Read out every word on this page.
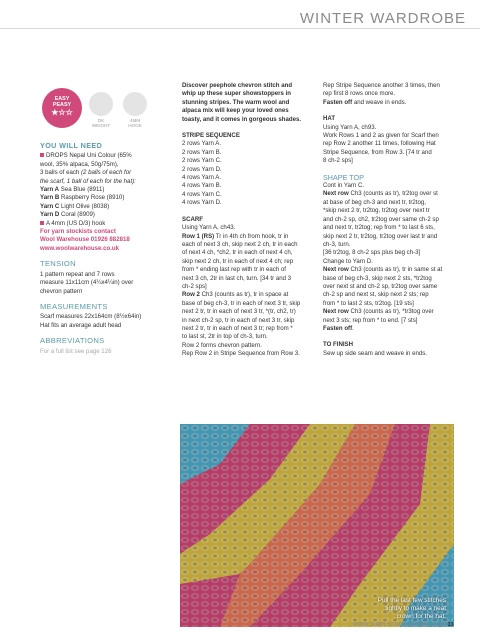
WINTER WARDROBE
EASY
PEASY
★☆☆
DK
WEIGHT
4MM
HOOK

YOU WILL NEED

DROPS Nepal Uni Colour (65%

wool, 35% alpaca, 50g/75m),

3 balls of each (2 balls of each for

the scarf, 1 ball of each for the hat):

Yarn A Sea Blue (8911)

Yarn B Raspberry Rose (8910)

Yarn C Light Olive (8038)

Yarn D Coral (8909)

A 4mm (US D/3) hook

For yarn stockists contact

Wool Warehouse 01926 882818

www.woolwarehouse.co.uk

TENSION

1 pattern repeat and 7 rows

measure 11x11cm (4¼x4¼in) over

chevron pattern

MEASUREMENTS

Scarf measures 22x164cm (8½x64in)

Hat fits an average adult head

ABBREVIATIONS

For a full list see page 126

Discover peephole chevron stitch and

whip up these super showstoppers in

stunning stripes. The warm wool and

alpaca mix will keep your loved ones

toasty, and it comes in gorgeous shades.

STRIPE SEQUENCE

2 rows Yarn A.

2 rows Yarn B.

2 rows Yarn C.

2 rows Yarn D.

4 rows Yarn A.

4 rows Yarn B.

4 rows Yarn C.

4 rows Yarn D.

SCARF

Using Yarn A, ch43.

Row 1 (RS) Tr in 4th ch from hook, tr in

each of next 3 ch, skip next 2 ch, tr in each

of next 4 ch, *ch2, tr in each of next 4 ch,

skip next 2 ch, tr in each of next 4 ch; rep

from * ending last rep with tr in each of

next 3 ch, 2tr in last ch, turn. [34 tr and 3

ch-2 sps]

Row 2 Ch3 (counts as tr), tr in space at

base of beg ch-3, tr in each of next 3 tr, skip

next 2 tr, tr in each of next 3 tr, *(tr, ch2, tr)

in next ch-2 sp, tr in each of next 3 tr, skip

next 2 tr, tr in each of next 3 tr; rep from *

to last st, 2tr in top of ch-3, turn.

Row 2 forms chevron pattern.

Rep Row 2 in Stripe Sequence from Row 3.

Rep Stripe Sequence another 3 times, then

rep first 8 rows once more.

Fasten off and weave in ends.

HAT

Using Yarn A, ch93.

Work Rows 1 and 2 as given for Scarf then

rep Row 2 another 11 times, following Hat

Stripe Sequence, from Row 3. [74 tr and

8 ch-2 sps]

SHAPE TOP

Cont in Yarn C.

Next row Ch3 (counts as tr), tr2tog over st

at base of beg ch-3 and next tr, tr2tog,

*skip next 2 tr, tr2tog, tr2tog over next tr

and ch-2 sp, ch2, tr2tog over same ch-2 sp

and next tr, tr2tog; rep from * to last 6 sts,

skip next 2 tr, tr2tog, tr2tog over last tr and

ch-3, turn.

[36 tr2tog, 8 ch-2 sps plus beg ch-3]

Change to Yarn D.

Next row Ch3 (counts as tr), tr in same st at

base of beg ch-3, skip next 2 sts, *tr2tog

over next st and ch-2 sp, tr2tog over same

ch-2 sp and next st, skip next 2 sts; rep

from * to last 2 sts, tr2tog. [19 sts]

Next row Ch3 (counts as tr), *tr3tog over

next 3 sts; rep from * to end. [7 sts]

Fasten off.

TO FINISH

Sew up side seam and weave in ends.

Pull the last few stitches
tightly to make a neat
crown for the hat.
WWW.SIMPLYCROCHETMAG.COM 33
